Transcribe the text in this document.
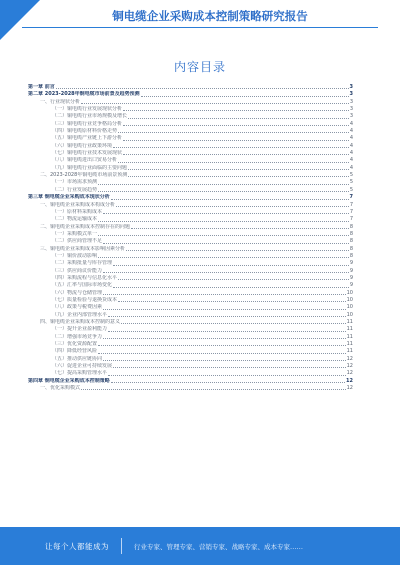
铜电缆企业采购成本控制策略研究报告
内容目录
第一章 前言	3
第二章 2023-2028年铜电缆市场前景及趋势预测	3
一、行业现状分析	3
（一）铜电缆行业发展现状分析	3
（二）铜电缆行业市场规模及增长	3
（三）铜电缆行业竞争格局分析	4
（四）铜电缆原材料价格走势	4
（五）铜电缆产业链上下游分析	4
（六）铜电缆行业政策环境	4
（七）铜电缆行业技术发展现状	4
（八）铜电缆进出口贸易分析	4
（九）铜电缆行业面临的主要问题	4
二、2023-2028年铜电缆市场前景预测	5
（一）市场需求预测	5
（二）行业发展趋势	5
第三章 铜电缆企业采购成本现状分析	7
一、铜电缆企业采购成本构成分析	7
（一）原材料采购成本	7
（二）物流运输成本	7
二、铜电缆企业采购成本控制存在的问题	8
（一）采购模式单一	8
（二）供应商管理不足	8
三、铜电缆企业采购成本影响因素分析	8
（一）铜价波动影响	8
（二）采购批量与库存管理	9
（三）供应商议价能力	9
（四）采购流程与信息化水平	9
（五）汇率与国际市场变化	9
（六）物流与仓储管理	10
（七）质量检验与退换货成本	10
（八）政策与税费因素	10
（九）企业内部管理水平	10
四、铜电缆企业采购成本控制的意义	11
（一）提升企业盈利能力	11
（二）增强市场竞争力	11
（三）优化资源配置	11
（四）降低经营风险	11
（五）推动供应链协同	12
（六）促进企业可持续发展	12
（七）提高采购管理水平	12
第四章 铜电缆企业采购成本控制策略	12
一、优化采购模式	12
让每个人都能成为	行业专家、管理专家、营销专家、战略专家、成本专家……
